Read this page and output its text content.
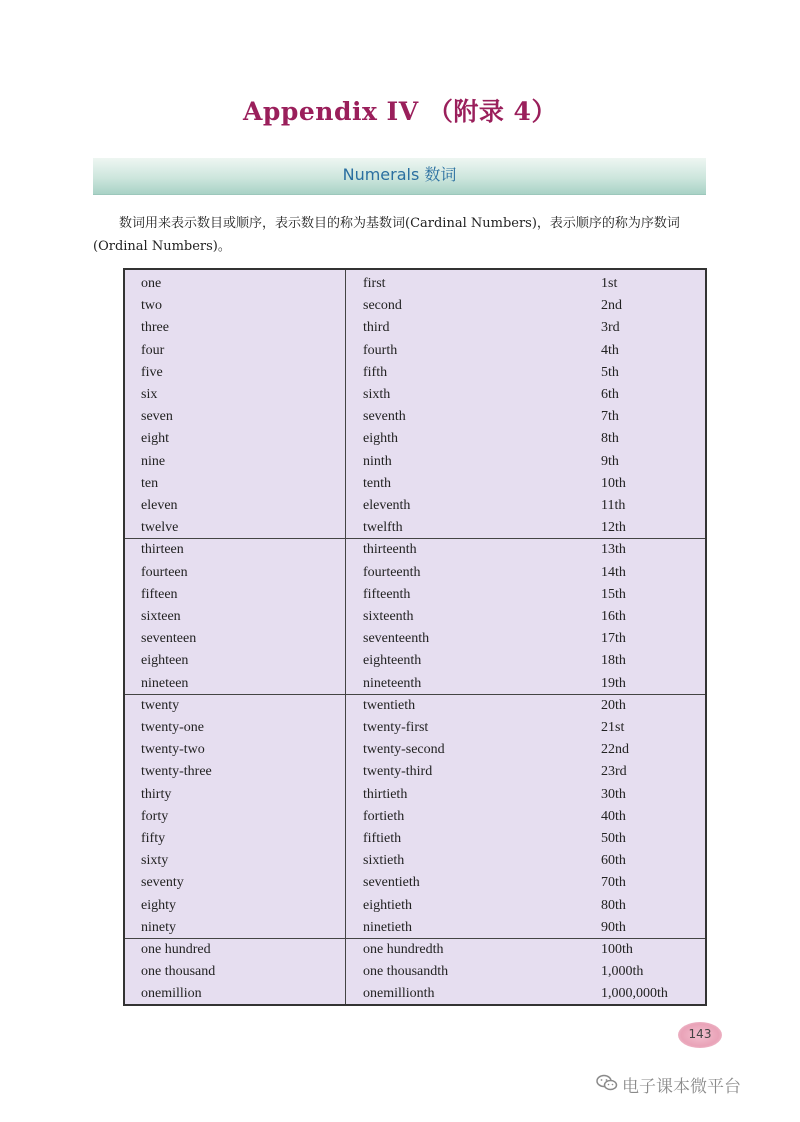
Appendix IV （附录 4）
Numerals 数词
数词用来表示数目或顺序，表示数目的称为基数词(Cardinal Numbers)，表示顺序的称为序数词(Ordinal Numbers)。
one	first	1st
two	second	2nd
three	third	3rd
four	fourth	4th
five	fifth	5th
six	sixth	6th
seven	seventh	7th
eight	eighth	8th
nine	ninth	9th
ten	tenth	10th
eleven	eleventh	11th
twelve	twelfth	12th
thirteen	thirteenth	13th
fourteen	fourteenth	14th
fifteen	fifteenth	15th
sixteen	sixteenth	16th
seventeen	seventeenth	17th
eighteen	eighteenth	18th
nineteen	nineteenth	19th
twenty	twentieth	20th
twenty-one	twenty-first	21st
twenty-two	twenty-second	22nd
twenty-three	twenty-third	23rd
thirty	thirtieth	30th
forty	fortieth	40th
fifty	fiftieth	50th
sixty	sixtieth	60th
seventy	seventieth	70th
eighty	eightieth	80th
ninety	ninetieth	90th
one hundred	one hundredth	100th
one thousand	one thousandth	1,000th
onemillion	onemillionth	1,000,000th
143
电子课本微平台
